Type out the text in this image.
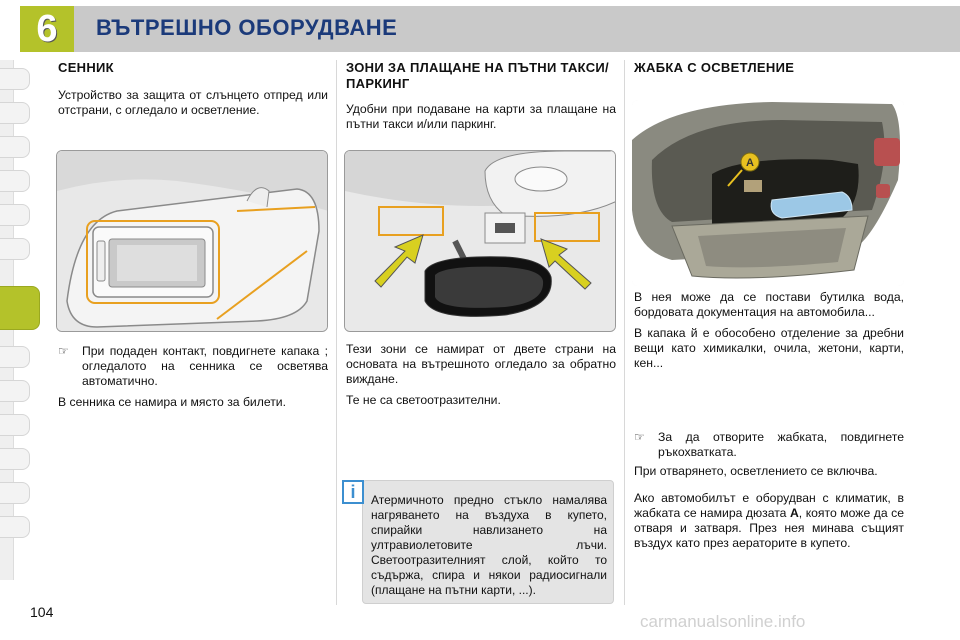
6	ВЪТРЕШНО ОБОРУДВАНЕ
СЕННИК

Устройство за защита от слънцето отпред или отстрани, с огледало и осветление.

☞	При подаден контакт, повдигнете капака ; огледалото на сенника се осветява автоматично.

В сенника се намира и място за билети.

ЗОНИ ЗА ПЛАЩАНЕ НА ПЪТНИ ТАКСИ/ПАРКИНГ

Удобни при подаване на карти за плащане на пътни такси и/или паркинг.

Тези зони се намират от двете страни на основата на вътрешното огледало за обратно виждане.

Те не са светоотразителни.

Атермичното предно стъкло намалява нагряването на въздуха в купето, спирайки навлизането на ултравиолетовите лъчи. Светоотразителният слой, който то съдържа, спира и някои радиосигнали (плащане на пътни карти, ...).

i
ЖАБКА С ОСВЕТЛЕНИЕ
A

В нея може да се постави бутилка вода, бордовата документация на автомобила...

В капака й е обособено отделение за дребни вещи като химикалки, очила, жетони, карти, кен...

☞	За да отворите жабката, повдигнете ръкохватката.

При отварянето, осветлението се включва.

Ако автомобилът е оборудван с климатик, в жабката се намира дюзата A, която може да се отваря и затваря. През нея минава същият въздух като през аераторите в купето.

104	carmanualsonline.info
